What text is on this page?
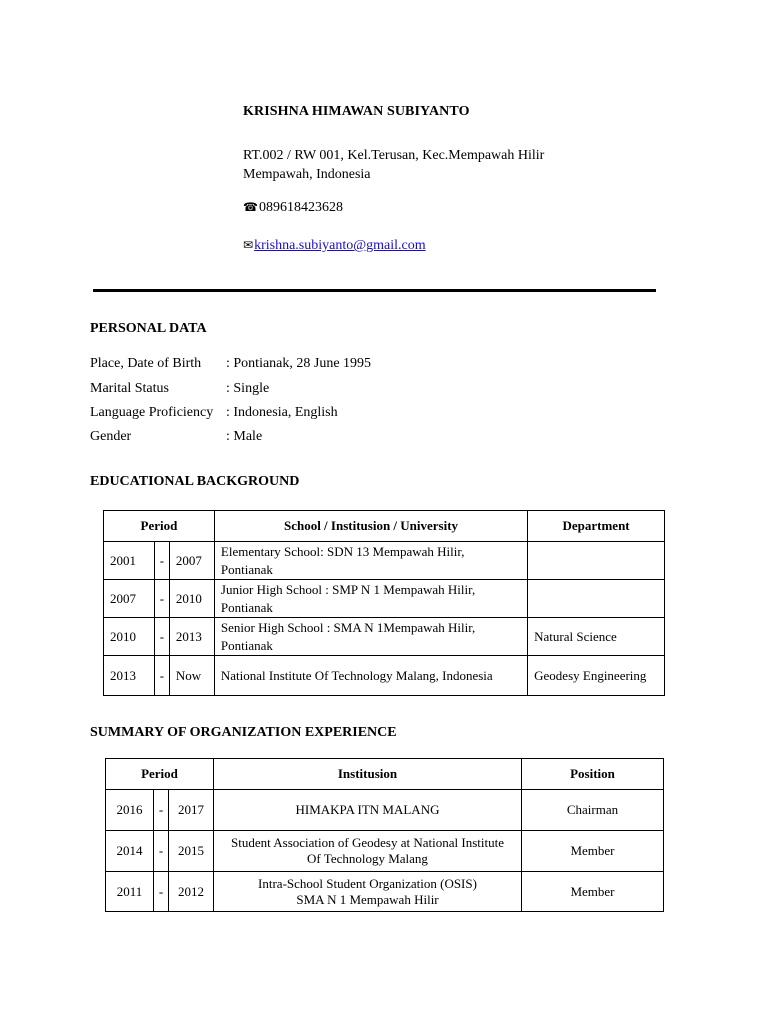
KRISHNA HIMAWAN SUBIYANTO
RT.002 / RW 001, Kel.Terusan, Kec.Mempawah Hilir
Mempawah, Indonesia
☎089618423628
✉krishna.subiyanto@gmail.com
PERSONAL DATA
Place, Date of Birth : Pontianak, 28 June 1995
Marital Status	: Single
Language Proficiency : Indonesia, English
Gender	: Male
EDUCATIONAL BACKGROUND
Period			School / Institusion / University	Department
2001	-	2007	Elementary School: SDN 13 Mempawah Hilir,
Pontianak	

2007	-	2010	Junior High School : SMP N 1 Mempawah Hilir,
Pontianak	

2010	-	2013	Senior High School : SMA N 1Mempawah Hilir,
Pontianak	Natural Science
2013	-	Now	National Institute Of Technology Malang, Indonesia	Geodesy Engineering
SUMMARY OF ORGANIZATION EXPERIENCE
Period			Institusion	Position
2016	-	2017	HIMAKPA ITN MALANG	Chairman
2014	-	2015	Student Association of Geodesy at National Institute
Of Technology Malang	Member
2011	-	2012	Intra-School Student Organization (OSIS)
SMA N 1 Mempawah Hilir	Member
